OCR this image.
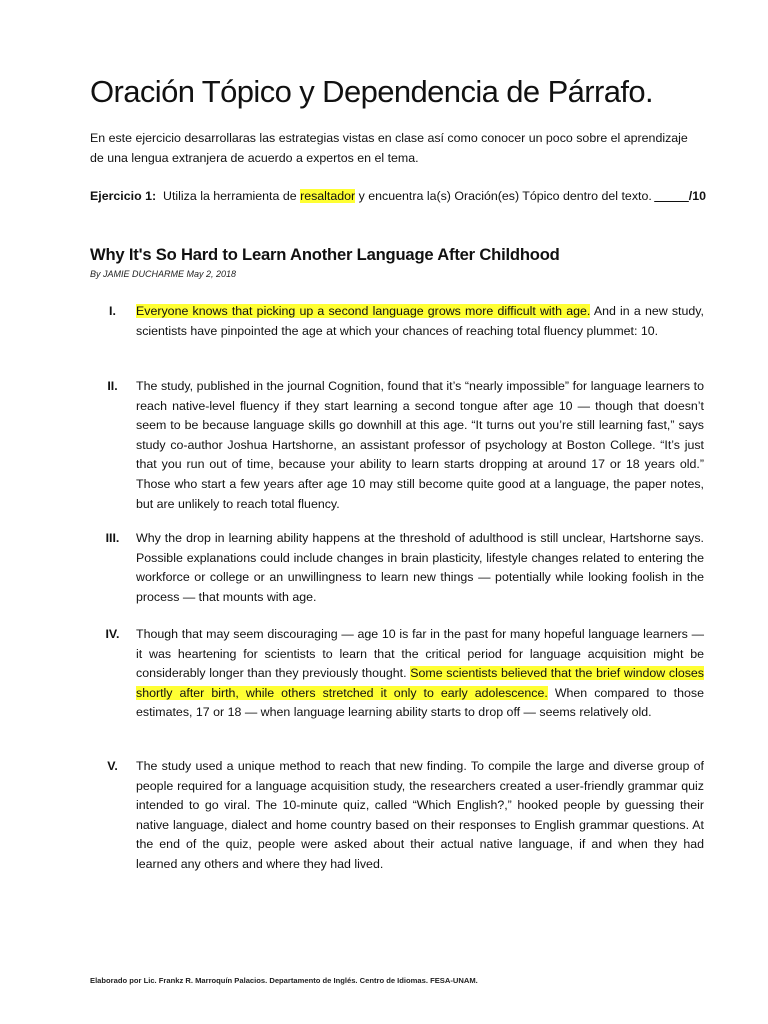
Oración Tópico y Dependencia de Párrafo.

En este ejercicio desarrollaras las estrategias vistas en clase así como conocer un poco sobre el aprendizaje de una lengua extranjera de acuerdo a expertos en el tema.

Ejercicio 1: Utiliza la herramienta de resaltador y encuentra la(s) Oración(es) Tópico dentro del texto. _____/10

Why It's So Hard to Learn Another Language After Childhood

By JAMIE DUCHARME May 2, 2018

I.	Everyone knows that picking up a second language grows more difficult with age. And in a new study, scientists have pinpointed the age at which your chances of reaching total fluency plummet: 10.

II.	The study, published in the journal Cognition, found that it’s “nearly impossible” for language learners to reach native-level fluency if they start learning a second tongue after age 10 — though that doesn’t seem to be because language skills go downhill at this age. “It turns out you’re still learning fast,” says study co-author Joshua Hartshorne, an assistant professor of psychology at Boston College. “It’s just that you run out of time, because your ability to learn starts dropping at around 17 or 18 years old.” Those who start a few years after age 10 may still become quite good at a language, the paper notes, but are unlikely to reach total fluency.

III.	Why the drop in learning ability happens at the threshold of adulthood is still unclear, Hartshorne says. Possible explanations could include changes in brain plasticity, lifestyle changes related to entering the workforce or college or an unwillingness to learn new things — potentially while looking foolish in the process — that mounts with age.

IV.	Though that may seem discouraging — age 10 is far in the past for many hopeful language learners — it was heartening for scientists to learn that the critical period for language acquisition might be considerably longer than they previously thought. Some scientists believed that the brief window closes shortly after birth, while others stretched it only to early adolescence. When compared to those estimates, 17 or 18 — when language learning ability starts to drop off — seems relatively old.

V.	The study used a unique method to reach that new finding. To compile the large and diverse group of people required for a language acquisition study, the researchers created a user-friendly grammar quiz intended to go viral. The 10-minute quiz, called “Which English?,” hooked people by guessing their native language, dialect and home country based on their responses to English grammar questions. At the end of the quiz, people were asked about their actual native language, if and when they had learned any others and where they had lived.

Elaborado por Lic. Frankz R. Marroquín Palacios. Departamento de Inglés. Centro de Idiomas. FESA-UNAM.
